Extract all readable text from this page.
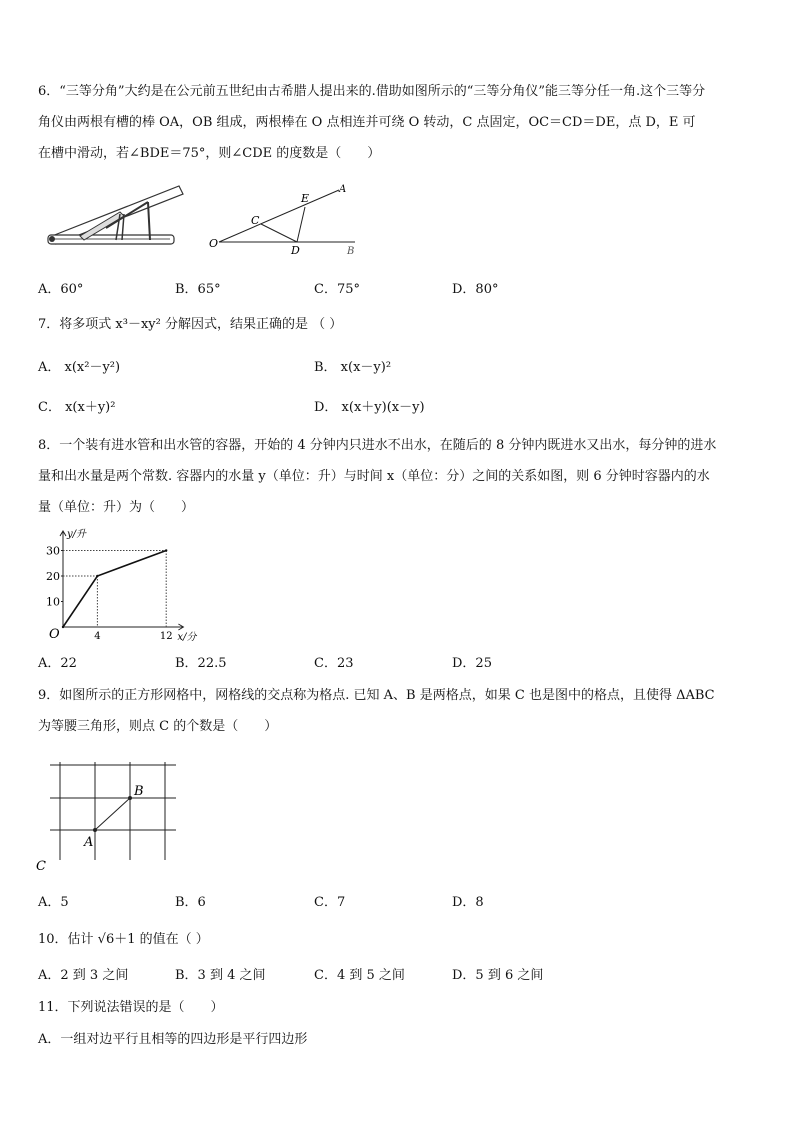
6．“三等分角”大约是在公元前五世纪由古希腊人提出来的.借助如图所示的“三等分角仪”能三等分任一角.这个三等分
角仪由两根有槽的棒 OA，OB 组成，两根棒在 O 点相连并可绕 O 转动，C 点固定，OC＝CD＝DE，点 D，E 可
在槽中滑动，若∠BDE＝75°，则∠CDE 的度数是（　　）
O
C
E
A
D	B
A．60°	B．65°	C．75°	D．80°
7．将多项式 x³－xy² 分解因式，结果正确的是 （ ）
A． x(x²－y²)	B． x(x－y)²
C． x(x＋y)²	D． x(x＋y)(x－y)
8．一个装有进水管和出水管的容器，开始的 4 分钟内只进水不出水，在随后的 8 分钟内既进水又出水，每分钟的进水
量和出水量是两个常数. 容器内的水量 y（单位：升）与时间 x（单位：分）之间的关系如图，则 6 分钟时容器内的水
量（单位：升）为（　　）
10
20
30
4	12
O
y/升
x/分
A．22	B．22.5	C．23	D．25
9．如图所示的正方形网格中，网格线的交点称为格点. 已知 A、B 是两格点，如果 C 也是图中的格点，且使得 ΔABC
为等腰三角形，则点 C 的个数是（　　）
B
A
C
A．5	B．6	C．7	D．8
10．估计 √6＋1 的值在（ ）
A．2 到 3 之间	B．3 到 4 之间	C．4 到 5 之间	D．5 到 6 之间
11．下列说法错误的是（　　）
A．一组对边平行且相等的四边形是平行四边形
